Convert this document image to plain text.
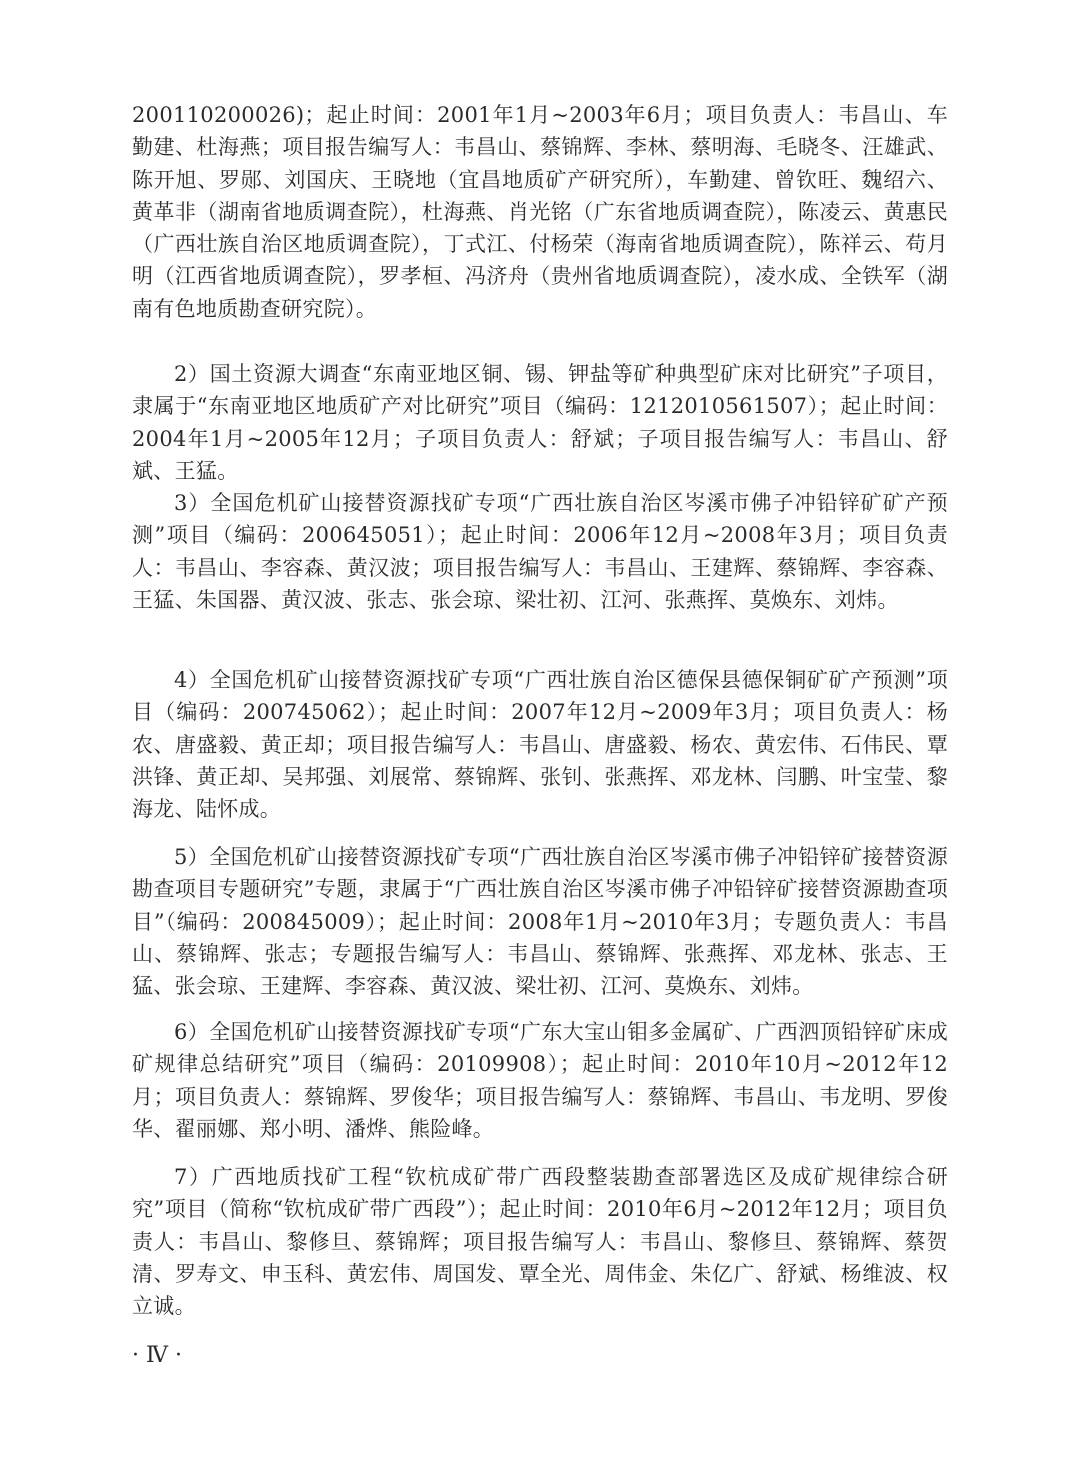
200110200026)；起止时间：2001年1月~2003年6月；项目负责人：韦昌山、车勤建、杜海燕；项目报告编写人：韦昌山、蔡锦辉、李林、蔡明海、毛晓冬、汪雄武、陈开旭、罗郧、刘国庆、王晓地（宜昌地质矿产研究所），车勤建、曾钦旺、魏绍六、黄革非（湖南省地质调查院），杜海燕、肖光铭（广东省地质调查院），陈凌云、黄惠民（广西壮族自治区地质调查院），丁式江、付杨荣（海南省地质调查院），陈祥云、苟月明（江西省地质调查院），罗孝桓、冯济舟（贵州省地质调查院），凌水成、全铁军（湖南有色地质勘查研究院）。

2）国土资源大调查“东南亚地区铜、锡、钾盐等矿种典型矿床对比研究”子项目，隶属于“东南亚地区地质矿产对比研究”项目（编码：1212010561507）；起止时间：2004年1月~2005年12月；子项目负责人：舒斌；子项目报告编写人：韦昌山、舒斌、王猛。

3）全国危机矿山接替资源找矿专项“广西壮族自治区岑溪市佛子冲铅锌矿矿产预测”项目（编码：200645051）；起止时间：2006年12月~2008年3月；项目负责人：韦昌山、李容森、黄汉波；项目报告编写人：韦昌山、王建辉、蔡锦辉、李容森、王猛、朱国器、黄汉波、张志、张会琼、梁壮初、江河、张燕挥、莫焕东、刘炜。

4）全国危机矿山接替资源找矿专项“广西壮族自治区德保县德保铜矿矿产预测”项目（编码：200745062）；起止时间：2007年12月~2009年3月；项目负责人：杨农、唐盛毅、黄正却；项目报告编写人：韦昌山、唐盛毅、杨农、黄宏伟、石伟民、覃洪锋、黄正却、吴邦强、刘展常、蔡锦辉、张钊、张燕挥、邓龙林、闫鹏、叶宝莹、黎海龙、陆怀成。

5）全国危机矿山接替资源找矿专项“广西壮族自治区岑溪市佛子冲铅锌矿接替资源勘查项目专题研究”专题，隶属于“广西壮族自治区岑溪市佛子冲铅锌矿接替资源勘查项目”（编码：200845009）；起止时间：2008年1月~2010年3月；专题负责人：韦昌山、蔡锦辉、张志；专题报告编写人：韦昌山、蔡锦辉、张燕挥、邓龙林、张志、王猛、张会琼、王建辉、李容森、黄汉波、梁壮初、江河、莫焕东、刘炜。

6）全国危机矿山接替资源找矿专项“广东大宝山钼多金属矿、广西泗顶铅锌矿床成矿规律总结研究”项目（编码：20109908）；起止时间：2010年10月~2012年12月；项目负责人：蔡锦辉、罗俊华；项目报告编写人：蔡锦辉、韦昌山、韦龙明、罗俊华、翟丽娜、郑小明、潘烨、熊险峰。

7）广西地质找矿工程“钦杭成矿带广西段整装勘查部署选区及成矿规律综合研究”项目（简称“钦杭成矿带广西段”）；起止时间：2010年6月~2012年12月；项目负责人：韦昌山、黎修旦、蔡锦辉；项目报告编写人：韦昌山、黎修旦、蔡锦辉、蔡贺清、罗寿文、申玉科、黄宏伟、周国发、覃全光、周伟金、朱亿广、舒斌、杨维波、权立诚。

· Ⅳ ·
